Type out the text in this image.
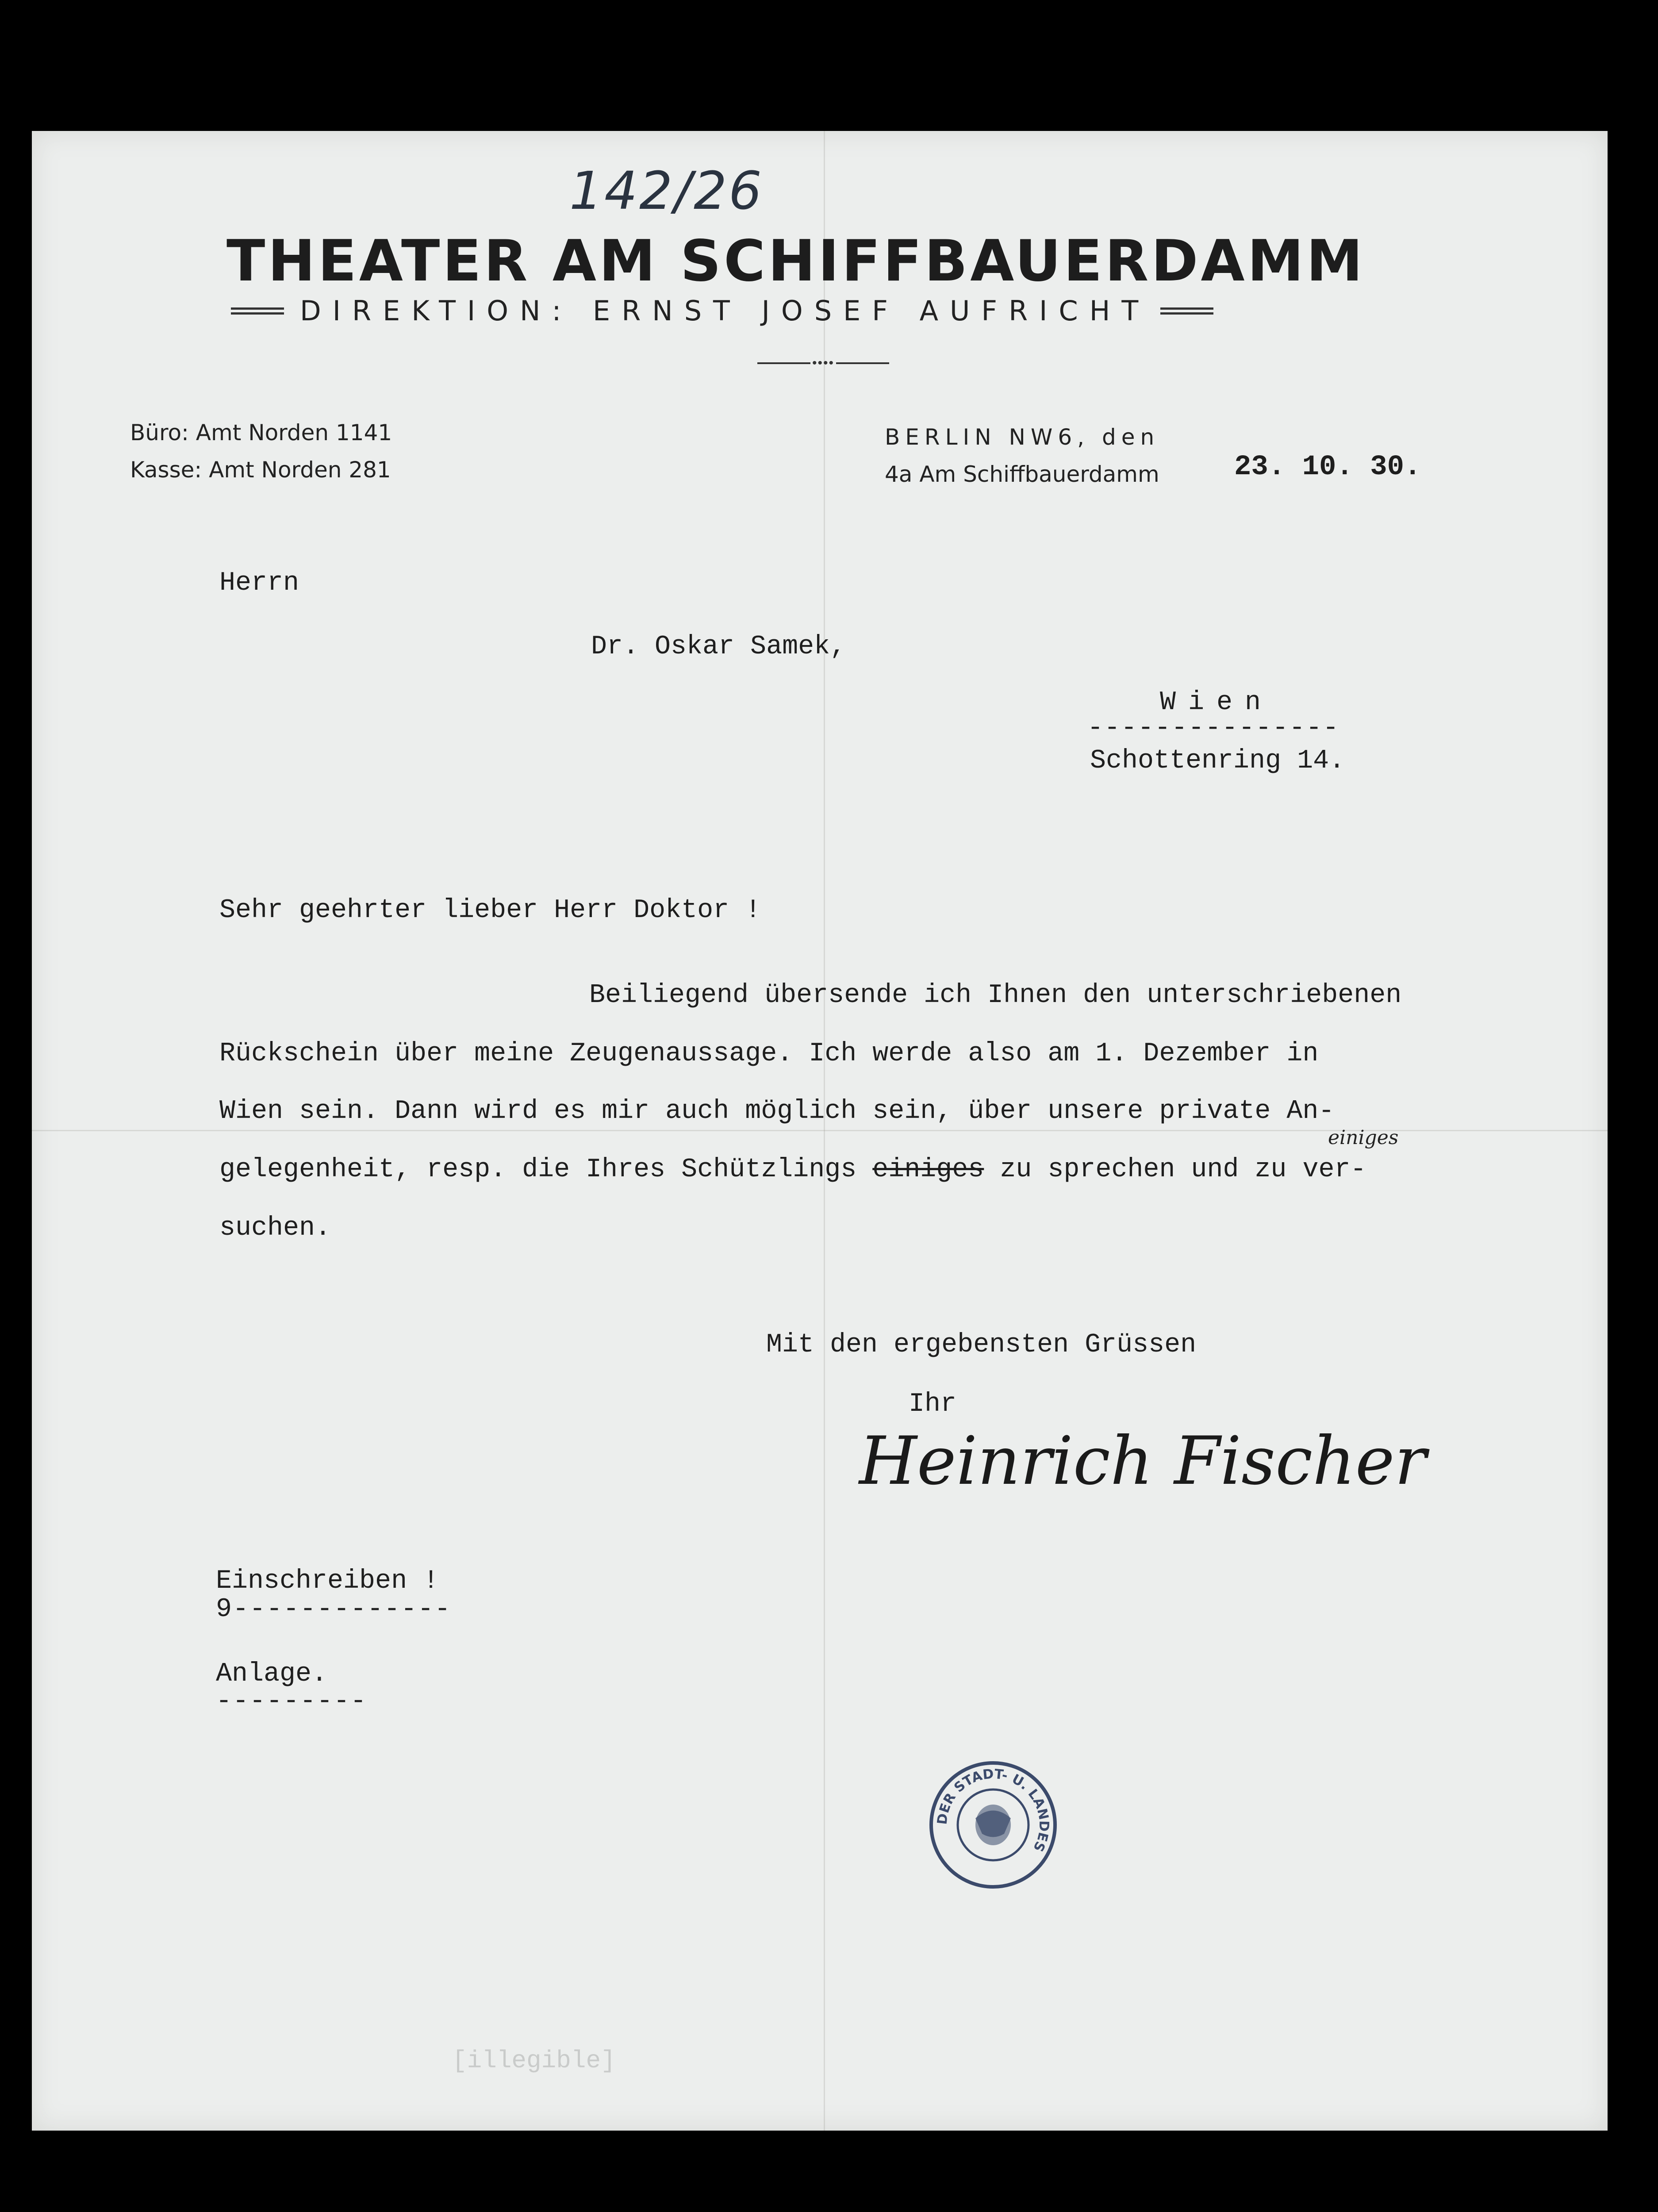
142/26
THEATER AM SCHIFFBAUERDAMM
DIREKTION: ERNST JOSEF AUFRICHT
••••
Büro: Amt Norden 1141
Kasse: Amt Norden 281
BERLIN NW6, den
4a Am Schiffbauerdamm	23. 10. 30.
Herrn
Dr. Oskar Samek,
Wien
---------------
Schottenring 14.
Sehr geehrter lieber Herr Doktor !
Beiliegend übersende ich Ihnen den unterschriebenen
Rückschein über meine Zeugenaussage. Ich werde also am 1. Dezember in
Wien sein. Dann wird es mir auch möglich sein, über unsere private An-
gelegenheit, resp. die Ihres Schützlings einiges zu sprechen und zu ver-
einiges
suchen.
Mit den ergebensten Grüssen
Ihr
Heinrich Fischer
Einschreiben !
9-------------
Anlage.
---------
[illegible]
DER STADT- U. LANDES
